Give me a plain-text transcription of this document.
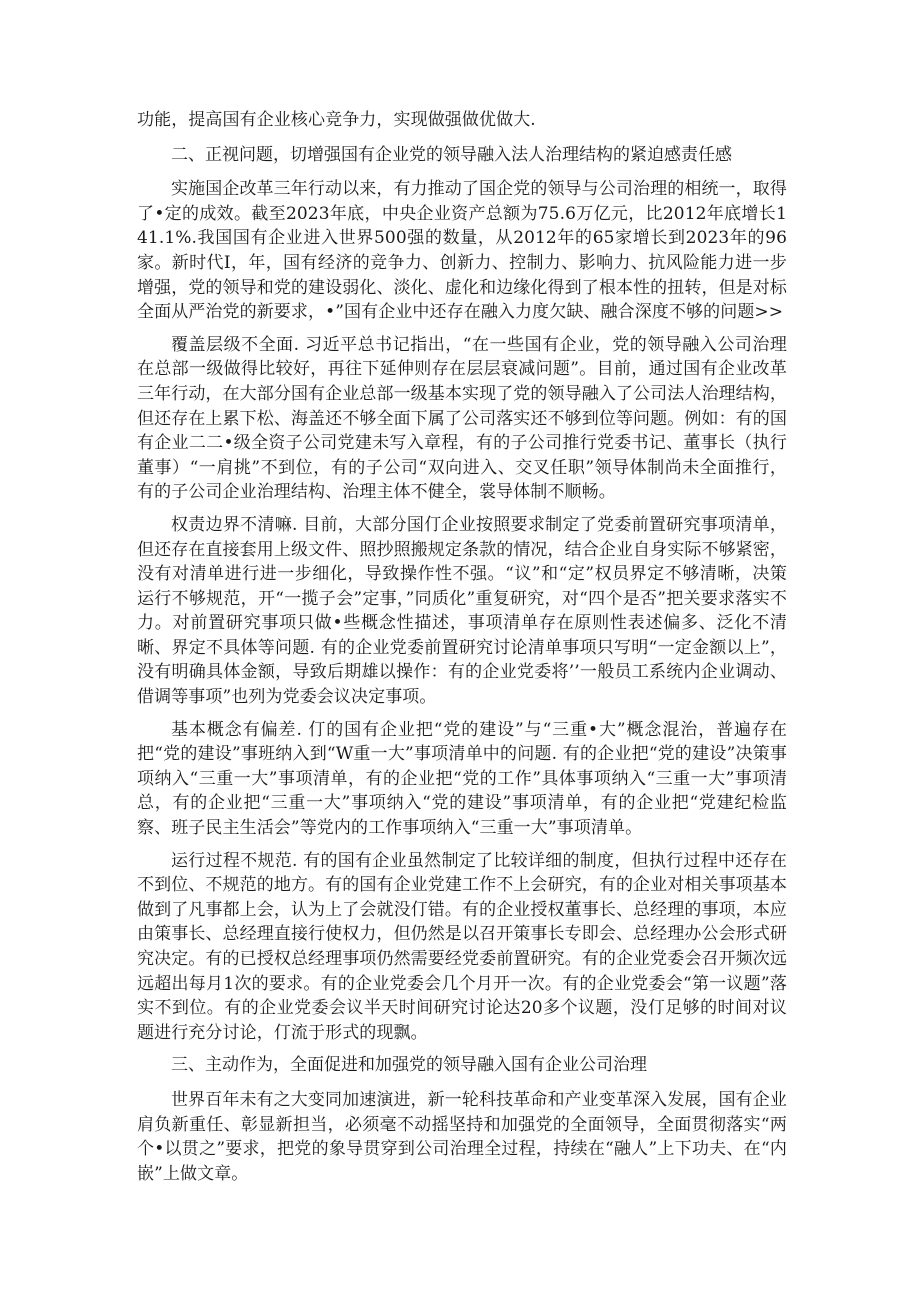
功能，提高国有企业核心竞争力，实现做强做优做大.

二、正视问题，切增强国有企业党的领导融入法人治理结构的紧迫感责任感

实施国企改革三年行动以来，有力推动了国企党的领导与公司治理的相统一，取得了•定的成效。截至2023年底，中央企业资产总额为75.6万亿元，比2012年底增长141.1%.我国国有企业进入世界500强的数量，从2012年的65家增长到2023年的96家。新时代I，年，国有经济的竞争力、创新力、控制力、影响力、抗风险能力进一步增强，党的领导和党的建设弱化、淡化、虚化和边缘化得到了根本性的扭转，但是对标全面从严治党的新要求，•”国有企业中还存在融入力度欠缺、融合深度不够的问题>>

覆盖层级不全面. 习近平总书记指出，“在一些国有企业，党的领导融入公司治理在总部一级做得比较好，再往下延伸则存在层层衰减问题”。目前，通过国有企业改革三年行动，在大部分国有企业总部一级基本实现了党的领导融入了公司法人治理结构，但还存在上累下松、海盖还不够全面下属了公司落实还不够到位等问题。例如：有的国有企业二二•级全资子公司党建未写入章程，有的子公司推行党委书记、董事长（执行董事）“一肩挑”不到位，有的子公司“双向进入、交叉任职”领导体制尚未全面推行，有的子公司企业治理结构、治理主体不健全，裳导体制不顺畅。

权责边界不清嘛. 目前，大部分国仃企业按照要求制定了党委前置研究事项清单，但还存在直接套用上级文件、照抄照搬规定条款的情况，结合企业自身实际不够紧密，没有对清单进行进一步细化，导致操作性不强。“议”和“定”权员界定不够清晰，决策运行不够规范，开“一揽子会”定事，”同质化”重复研究，对“四个是否”把关要求落实不力。对前置研究事项只做•些概念性描述，事项清单存在原则性表述偏多、泛化不清晰、界定不具体等问题. 有的企业党委前置研究讨论清单事项只写明“一定金额以上”，没有明确具体金额，导致后期雄以操作：有的企业党委将’’一般员工系统内企业调动、借调等事项”也列为党委会议决定事项。

基本概念有偏差. 仃的国有企业把“党的建设”与“三重•大”概念混治，普遍存在把“党的建设”事班纳入到“W重一大”事项清单中的问题. 有的企业把“党的建设”决策事项纳入“三重一大”事项清单，有的企业把“党的工作”具体事项纳入“三重一大”事项清总，有的企业把“三重一大”事项纳入“党的建设”事项清单，有的企业把“党建纪检监察、班子民主生活会”等党内的工作事项纳入“三重一大”事项清单。

运行过程不规范. 有的国有企业虽然制定了比较详细的制度，但执行过程中还存在不到位、不规范的地方。有的国有企业党建工作不上会研究，有的企业对相关事项基本做到了凡事都上会，认为上了会就没仃错。有的企业授权董事长、总经理的事项，本应由策事长、总经理直接行使权力，但仍然是以召开策事长专即会、总经理办公会形式研究决定。有的已授权总经理事项仍然需要经党委前置研究。有的企业党委会召开频次远远超出每月1次的要求。有的企业党委会几个月开一次。有的企业党委会“第一议题”落实不到位。有的企业党委会议半天时间研究讨论达20多个议题，没仃足够的时间对议题进行充分讨论，仃流于形式的现飘。

三、主动作为，全面促进和加强党的领导融入国有企业公司治理

世界百年未有之大变同加速演进，新一轮科技革命和产业变革深入发展，国有企业肩负新重任、彰显新担当，必须毫不动摇坚持和加强党的全面领导，全面贯彻落实“两个•以贯之”要求，把党的象导贯穿到公司治理全过程，持续在“融人”上下功夫、在“内嵌”上做文章。
